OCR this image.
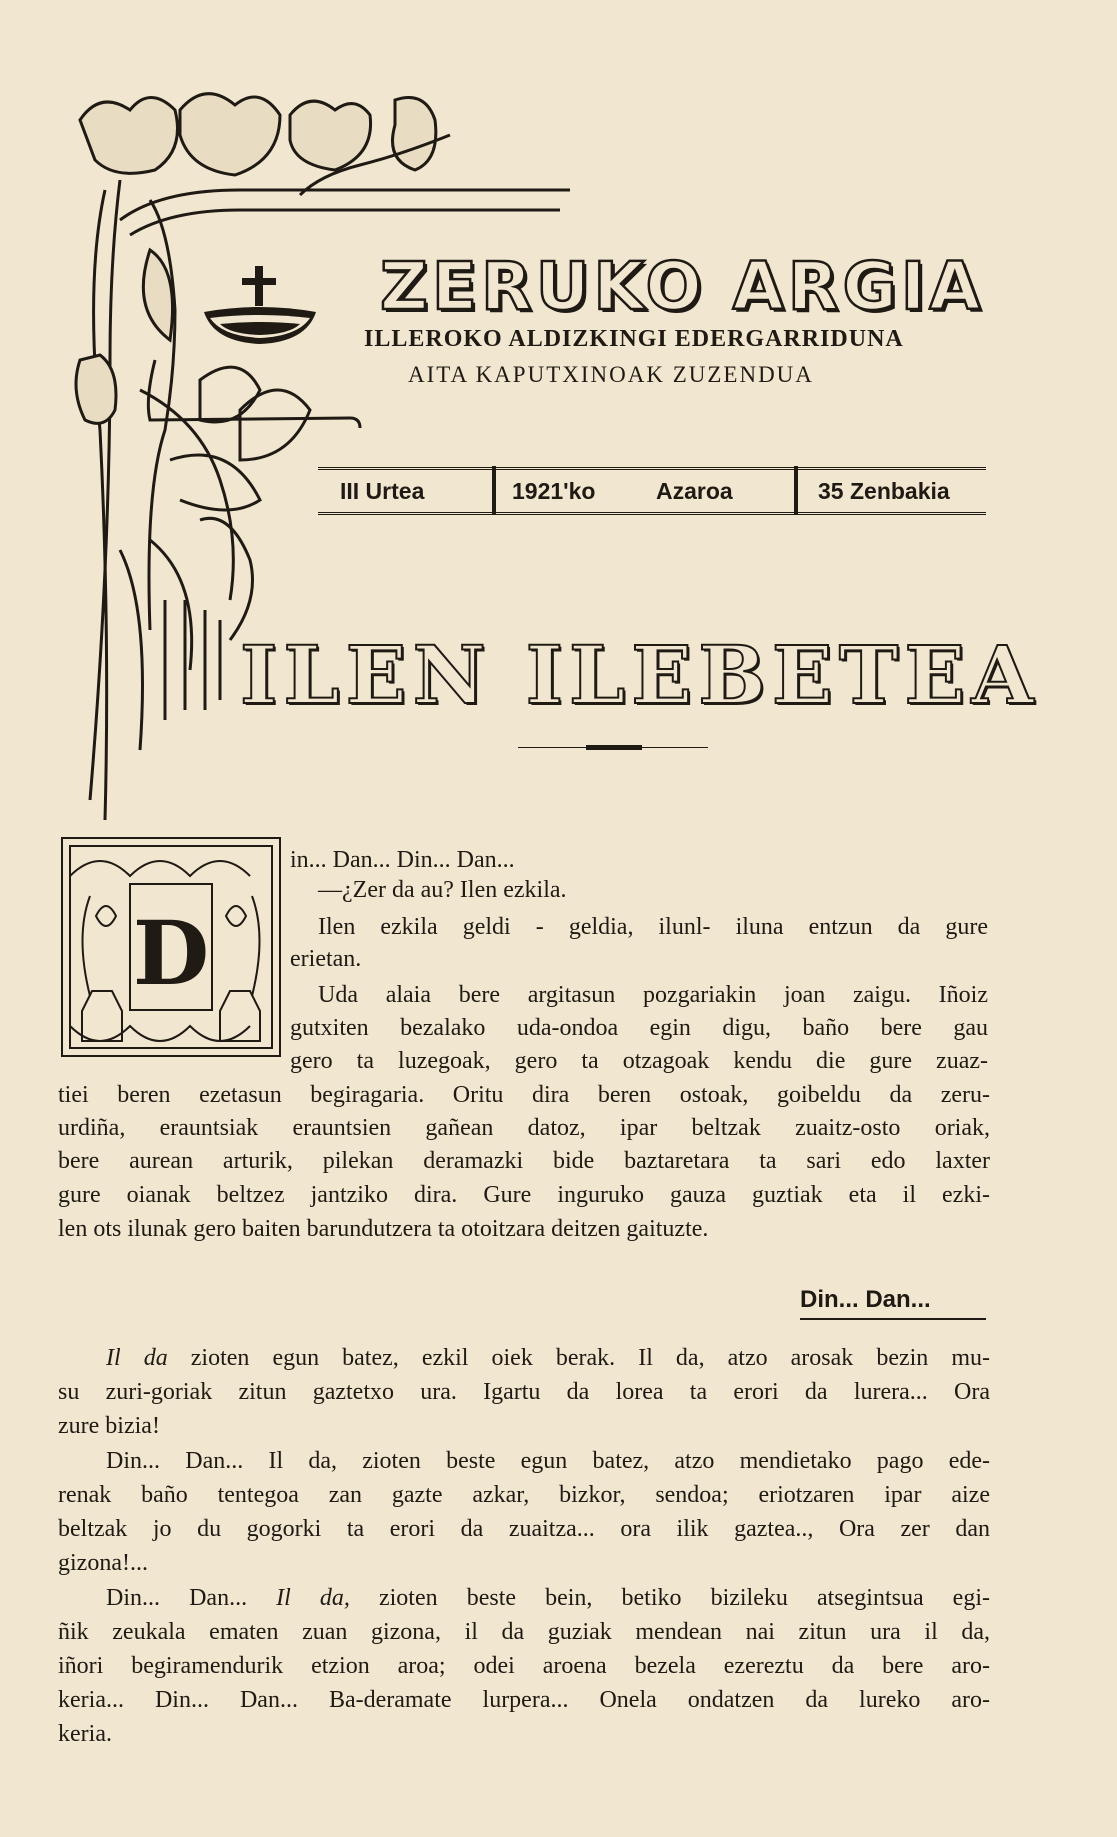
ZERUKO ARGIA
ILLEROKO ALDIZKINGI EDERGARRIDUNA
AITA KAPUTXINOAK ZUZENDUA
III Urtea	1921'ko	Azaroa	35 Zenbakia
ILEN ILEBETEA
D
in... Dan... Din... Dan...
—¿Zer da au? Ilen ezkila.
Ilen ezkila geldi - geldia, ilunl- iluna entzun da gure
erietan.
Uda alaia bere argitasun pozgariakin joan zaigu. Iñoiz
gutxiten bezalako uda-ondoa egin digu, baño bere gau
gero ta luzegoak, gero ta otzagoak kendu die gure zuaz-
tiei beren ezetasun begiragaria. Oritu dira beren ostoak, goibeldu da zeru-
urdiña, erauntsiak erauntsien gañean datoz, ipar beltzak zuaitz-osto oriak,
bere aurean arturik, pilekan deramazki bide baztaretara ta sari edo laxter
gure oianak beltzez jantziko dira. Gure inguruko gauza guztiak eta il ezki-
len ots ilunak gero baiten barundutzera ta otoitzara deitzen gaituzte.
Din... Dan...
Il da zioten egun batez, ezkil oiek berak. Il da, atzo arosak bezin mu-
su zuri-goriak zitun gaztetxo ura. Igartu da lorea ta erori da lurera... Ora
zure bizia!
Din... Dan... Il da, zioten beste egun batez, atzo mendietako pago ede-
renak baño tentegoa zan gazte azkar, bizkor, sendoa; eriotzaren ipar aize
beltzak jo du gogorki ta erori da zuaitza... ora ilik gaztea.., Ora zer dan
gizona!...
Din... Dan... Il da, zioten beste bein, betiko bizileku atsegintsua egi-
ñik zeukala ematen zuan gizona, il da guziak mendean nai zitun ura il da,
iñori begiramendurik etzion aroa; odei aroena bezela ezereztu da bere aro-
keria... Din... Dan... Ba-deramate lurpera... Onela ondatzen da lureko aro-
keria.
